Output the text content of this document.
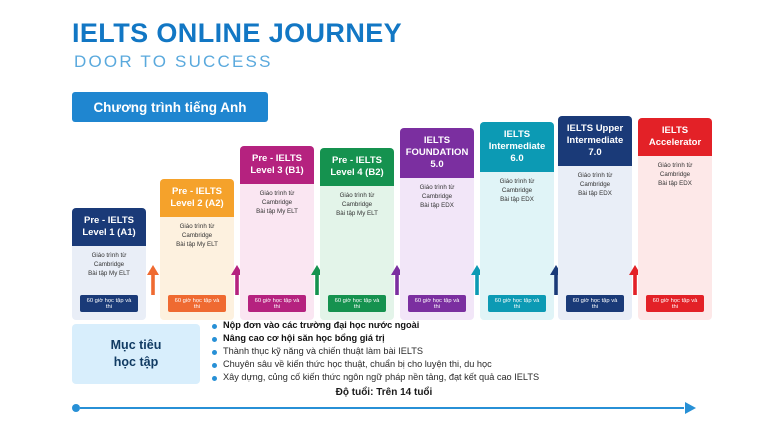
IELTS ONLINE JOURNEY
DOOR TO SUCCESS
Chương trình tiếng Anh
Pre - IELTS
Level 1 (A1)
Giáo trình từ
Cambridge
Bài tập My ELT
60 giờ học tập và thi
Pre - IELTS
Level 2 (A2)
Giáo trình từ
Cambridge
Bài tập My ELT
60 giờ học tập và thi
Pre - IELTS
Level 3 (B1)
Giáo trình từ
Cambridge
Bài tập My ELT
60 giờ học tập và thi
Pre - IELTS
Level 4 (B2)
Giáo trình từ
Cambridge
Bài tập My ELT
60 giờ học tập và thi
IELTS
FOUNDATION
5.0
Giáo trình từ
Cambridge
Bài tập EDX
60 giờ học tập và thi
IELTS
Intermediate
6.0
Giáo trình từ
Cambridge
Bài tập EDX
60 giờ học tập và thi
IELTS Upper
Intermediate
7.0
Giáo trình từ
Cambridge
Bài tập EDX
60 giờ học tập và thi
IELTS
Accelerator
Giáo trình từ
Cambridge
Bài tập EDX
60 giờ học tập và thi
Mục tiêu
học tập
Nộp đơn vào các trường đại học nước ngoài
Nâng cao cơ hội săn học bổng giá trị
Thành thục kỹ năng và chiến thuật làm bài IELTS
Chuyên sâu về kiến thức học thuật, chuẩn bị cho luyện thi, du học
Xây dựng, củng cố kiến thức ngôn ngữ pháp nền tảng, đạt kết quả cao IELTS
Độ tuổi: Trên 14 tuổi
